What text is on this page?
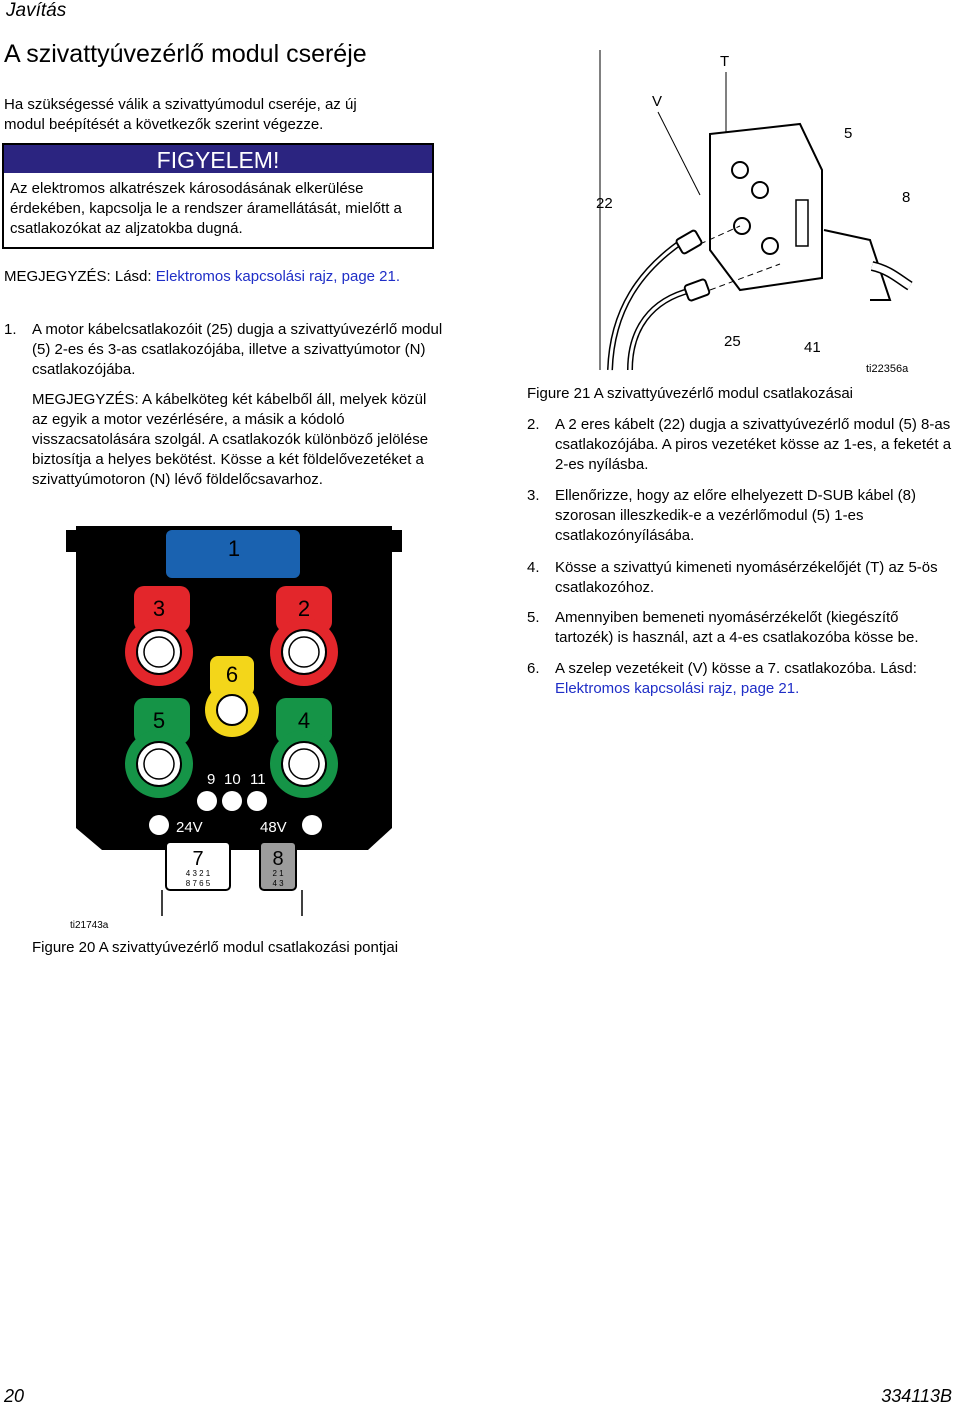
Javítás
A szivattyúvezérlő modul cseréje
Ha szükségessé válik a szivattyúmodul cseréje, az új modul beépítését a következők szerint végezze.
FIGYELEM!
Az elektromos alkatrészek károsodásának elkerülése érdekében, kapcsolja le a rendszer áramellátását, mielőtt a csatlakozókat az aljzatokba dugná.
MEGJEGYZÉS: Lásd: Elektromos kapcsolási rajz, page 21.
1. A motor kábelcsatlakozóit (25) dugja a szivattyúvezérlő modul (5) 2-es és 3-as csatlakozójába, illetve a szivattyúmotor (N) csatlakozójába.
MEGJEGYZÉS: A kábelköteg két kábelből áll, melyek közül az egyik a motor vezérlésére, a másik a kódoló visszacsatolására szolgál. A csatlakozók különböző jelölése biztosítja a helyes bekötést. Kösse a két földelővezetéket a szivattyúmotoron (N) lévő földelőcsavarhoz.
1
3	2
6
5	4
9 10 11
24V	48V
7
4 3 2 1
8 7 6 5
8
2 1
4 3
ti21743a
Figure 20 A szivattyúvezérlő modul csatlakozási pontjai
T
V
5
22	8
25	41
ti22356a
Figure 21 A szivattyúvezérlő modul csatlakozásai
2. A 2 eres kábelt (22) dugja a szivattyúvezérlő modul (5) 8-as csatlakozójába. A piros vezetéket kösse az 1-es, a feketét a 2-es nyílásba.
3. Ellenőrizze, hogy az előre elhelyezett D-SUB kábel (8) szorosan illeszkedik-e a vezérlőmodul (5) 1-es csatlakozónyílásába.
4. Kösse a szivattyú kimeneti nyomásérzékelőjét (T) az 5-ös csatlakozóhoz.
5. Amennyiben bemeneti nyomásérzékelőt (kiegészítő tartozék) is használ, azt a 4-es csatlakozóba kösse be.
6. A szelep vezetékeit (V) kösse a 7. csatlakozóba. Lásd: Elektromos kapcsolási rajz, page 21.
20	334113B
